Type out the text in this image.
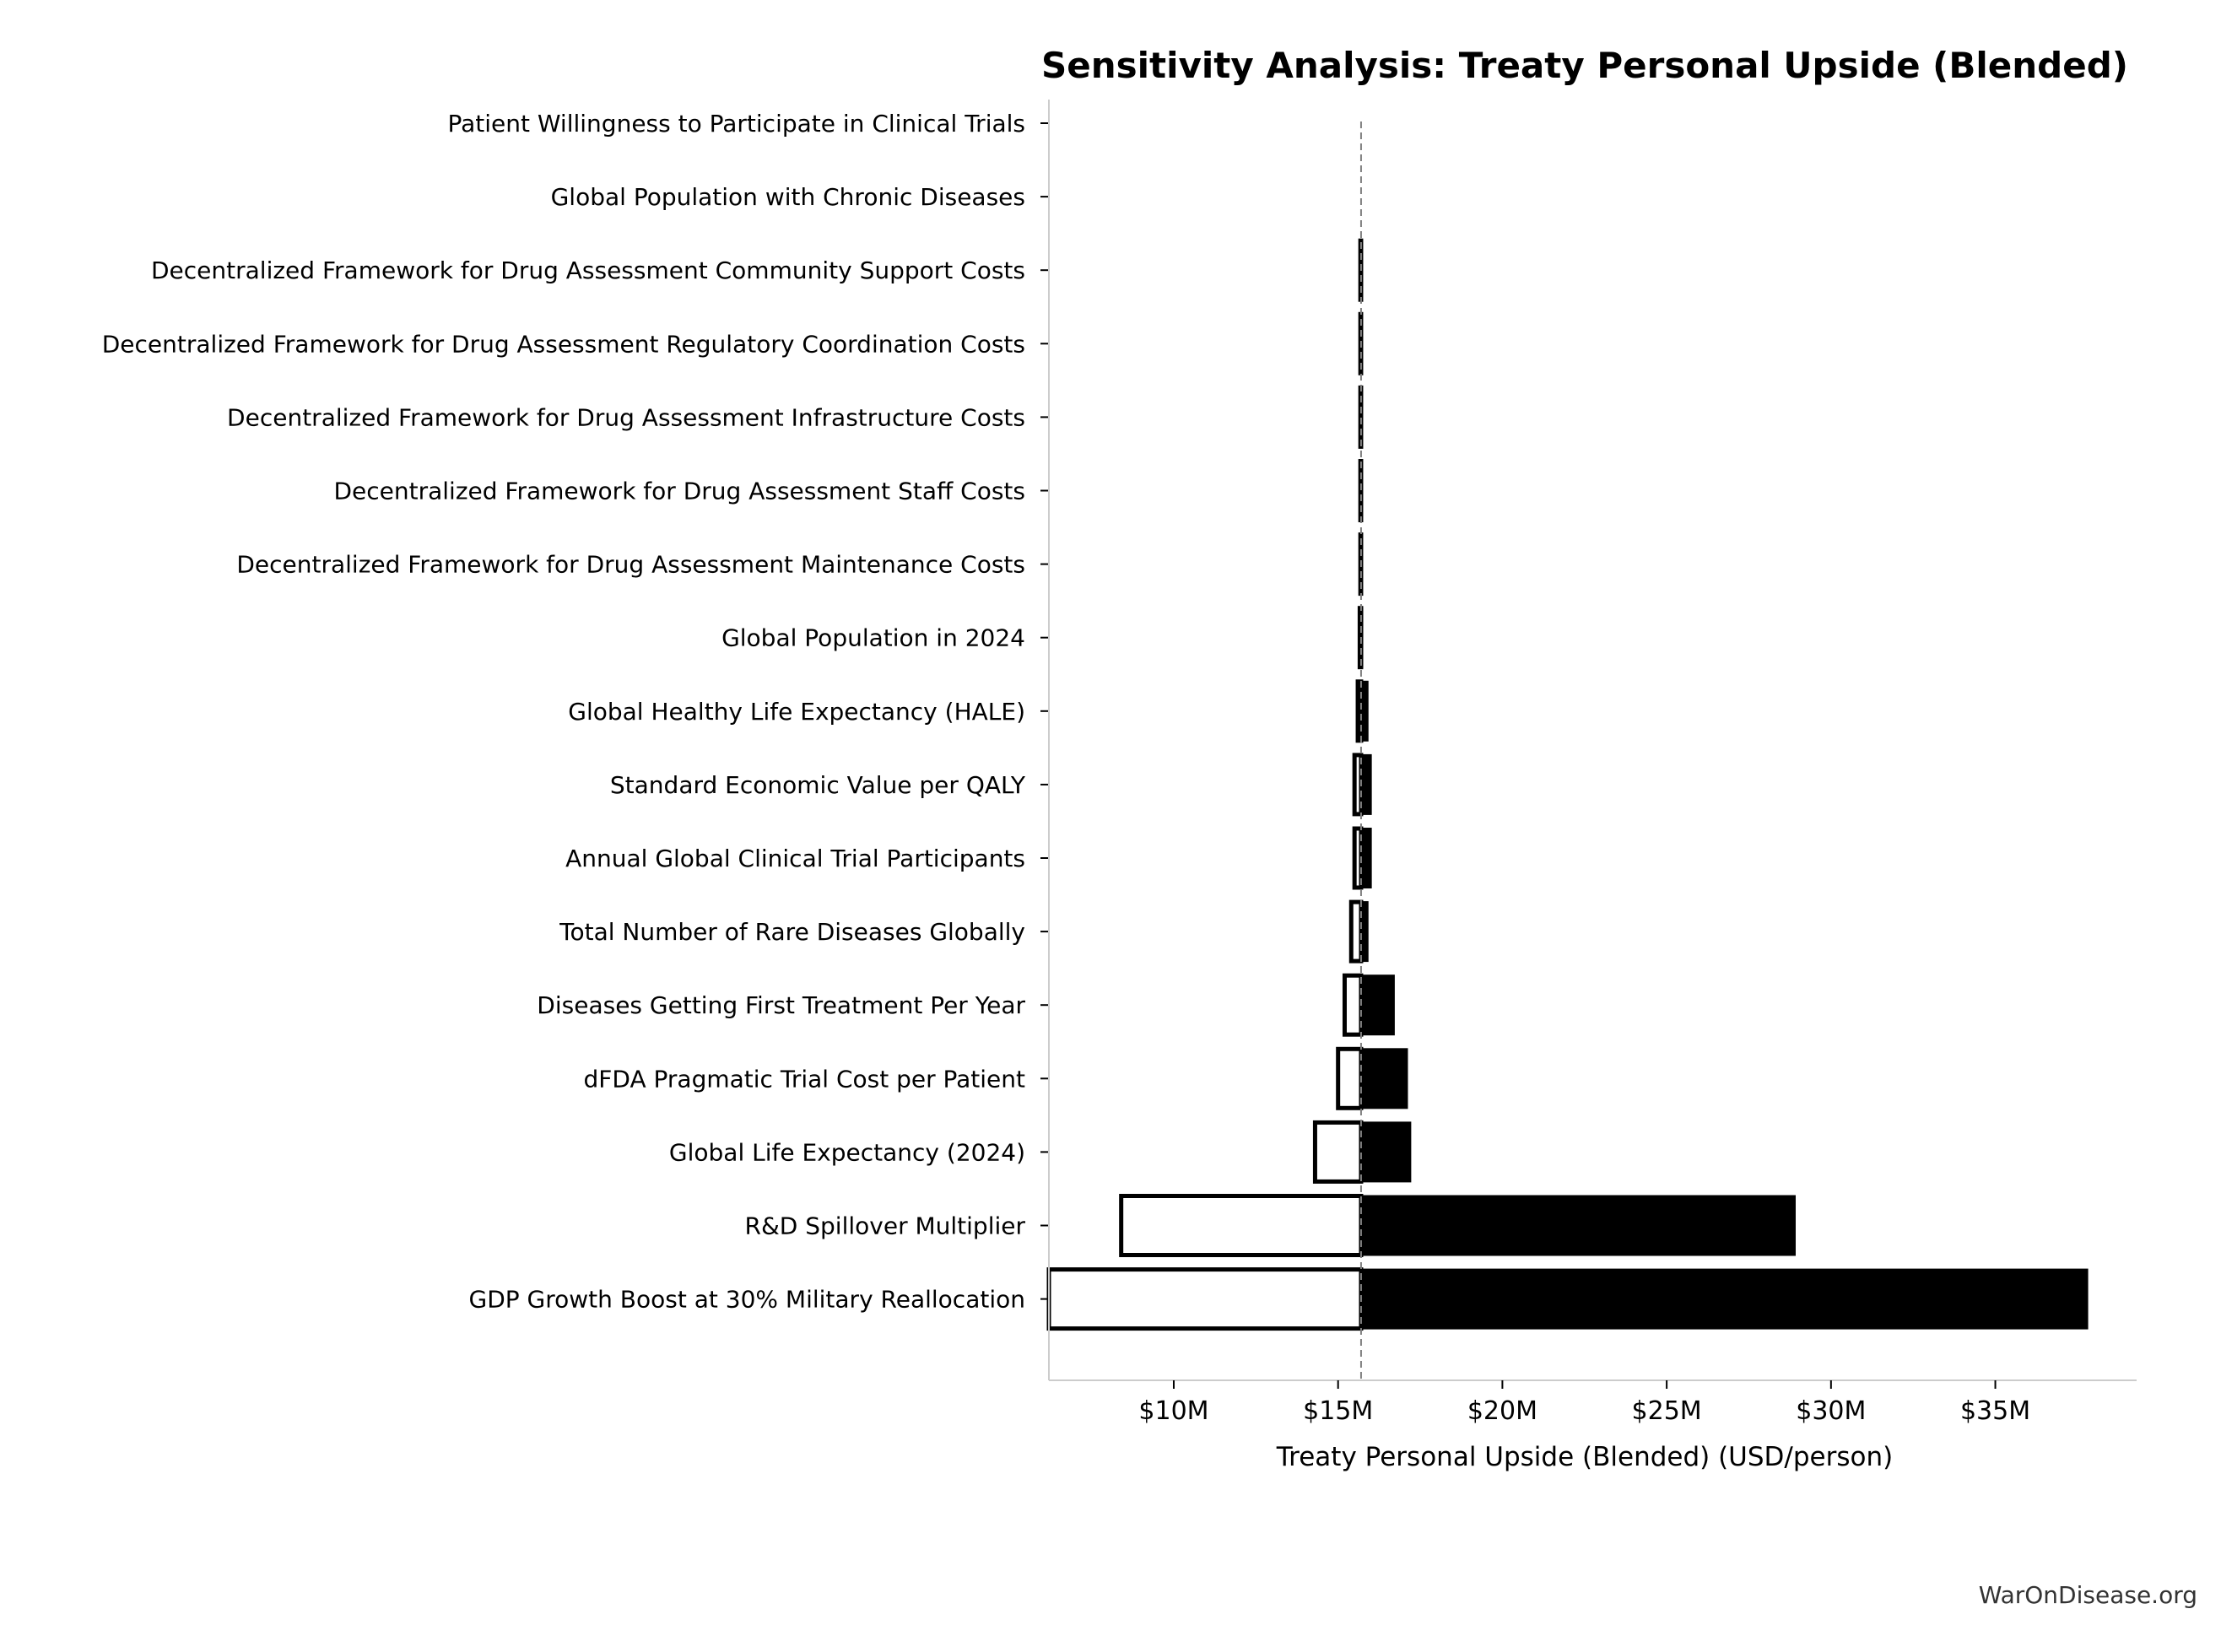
Sensitivity Analysis: Treaty Personal Upside (Blended)
Patient Willingness to Participate in Clinical Trials
Global Population with Chronic Diseases
Decentralized Framework for Drug Assessment Community Support Costs
Decentralized Framework for Drug Assessment Regulatory Coordination Costs
Decentralized Framework for Drug Assessment Infrastructure Costs
Decentralized Framework for Drug Assessment Staff Costs
Decentralized Framework for Drug Assessment Maintenance Costs
Global Population in 2024
Global Healthy Life Expectancy (HALE)
Standard Economic Value per QALY
Annual Global Clinical Trial Participants
Total Number of Rare Diseases Globally
Diseases Getting First Treatment Per Year
dFDA Pragmatic Trial Cost per Patient
Global Life Expectancy (2024)
R&D Spillover Multiplier
GDP Growth Boost at 30% Military Reallocation
$10M	$15M	$20M	$25M	$30M	$35M
Treaty Personal Upside (Blended) (USD/person)
WarOnDisease.org
